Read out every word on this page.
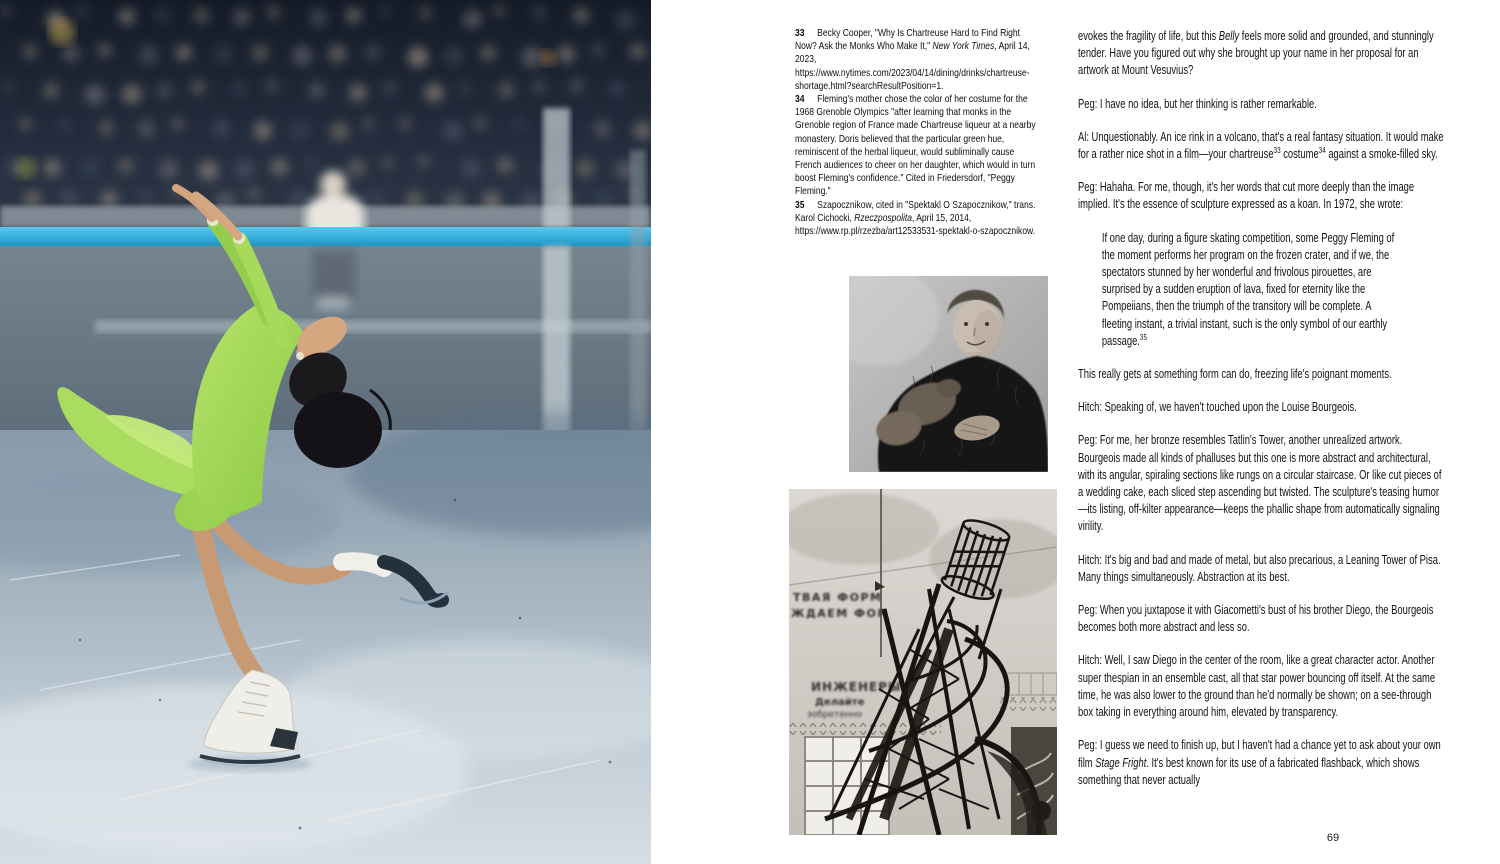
33 Becky Cooper, "Why Is Chartreuse Hard to Find Right Now? Ask the Monks Who Make It," New York Times, April 14, 2023, https://www.nytimes.com/2023/04/14/dining/drinks/chartreuse-shortage.html?searchResultPosition=1.

34 Fleming's mother chose the color of her costume for the 1968 Grenoble Olympics "after learning that monks in the Grenoble region of France made Chartreuse liqueur at a nearby monastery. Doris believed that the particular green hue, reminiscent of the herbal liqueur, would subliminally cause French audiences to cheer on her daughter, which would in turn boost Fleming's confidence." Cited in Friedersdorf, "Peggy Fleming."

35 Szapocznikow, cited in "Spektakl O Szapocznikow," trans. Karol Cichocki, Rzeczpospolita, April 15, 2014, https://www.rp.pl/rzezba/art12533531-spektakl-o-szapocznikow.

ТВАЯ ФОРМ
ЖДАЕМ ФОР
ИНЖЕНЕРЫ
Делайте
зобретенно

evokes the fragility of life, but this Belly feels more solid and grounded, and stunningly tender. Have you figured out why she brought up your name in her proposal for an artwork at Mount Vesuvius?

Peg: I have no idea, but her thinking is rather remarkable.

Al: Unquestionably. An ice rink in a volcano, that's a real fantasy situation. It would make for a rather nice shot in a film—your chartreuse$^{33}$ costume$^{34}$ against a smoke-filled sky.

Peg: Hahaha. For me, though, it's her words that cut more deeply than the image implied. It's the essence of sculpture expressed as a koan. In 1972, she wrote:

If one day, during a figure skating competition, some Peggy Fleming of the moment performs her program on the frozen crater, and if we, the spectators stunned by her wonderful and frivolous pirouettes, are surprised by a sudden eruption of lava, fixed for eternity like the Pompeiians, then the triumph of the transitory will be complete. A fleeting instant, a trivial instant, such is the only symbol of our earthly passage.$^{35}$

This really gets at something form can do, freezing life's poignant moments.

Hitch: Speaking of, we haven't touched upon the Louise Bourgeois.

Peg: For me, her bronze resembles Tatlin's Tower, another unrealized artwork. Bourgeois made all kinds of phalluses but this one is more abstract and architectural, with its angular, spiraling sections like rungs on a circular staircase. Or like cut pieces of a wedding cake, each sliced step ascending but twisted. The sculpture's teasing humor—its listing, off-kilter appearance—keeps the phallic shape from automatically signaling virility.

Hitch: It's big and bad and made of metal, but also precarious, a Leaning Tower of Pisa. Many things simultaneously. Abstraction at its best.

Peg: When you juxtapose it with Giacometti's bust of his brother Diego, the Bourgeois becomes both more abstract and less so.

Hitch: Well, I saw Diego in the center of the room, like a great character actor. Another super thespian in an ensemble cast, all that star power bouncing off itself. At the same time, he was also lower to the ground than he'd normally be shown; on a see-through box taking in everything around him, elevated by transparency.

Peg: I guess we need to finish up, but I haven't had a chance yet to ask about your own film Stage Fright. It's best known for its use of a fabricated flashback, which shows something that never actually

69
